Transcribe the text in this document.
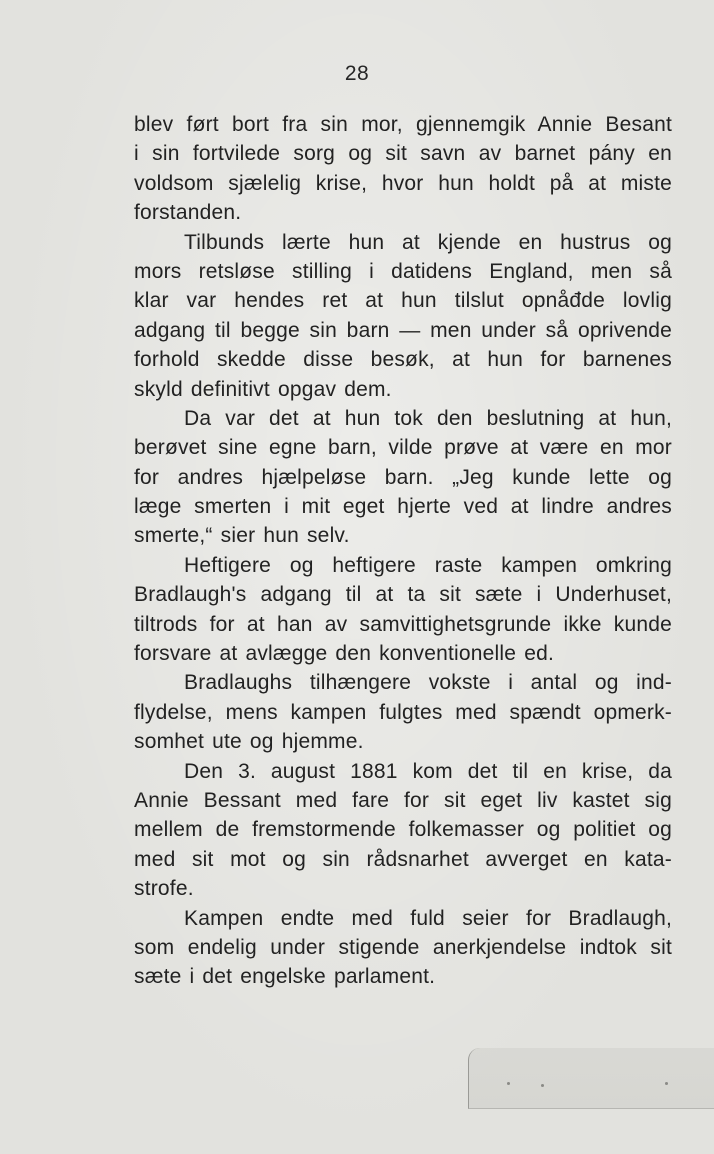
28
blev ført bort fra sin mor, gjennemgik Annie Besant
i sin fortvilede sorg og sit savn av barnet pány en
voldsom sjælelig krise, hvor hun holdt på at miste
forstanden.
Tilbunds lærte hun at kjende en hustrus og
mors retsløse stilling i datidens England, men så
klar var hendes ret at hun tilslut opnåđde lovlig
adgang til begge sin barn — men under så oprivende
forhold skedde disse besøk, at hun for barnenes
skyld definitivt opgav dem.
Da var det at hun tok den beslutning at hun,
berøvet sine egne barn, vilde prøve at være en mor
for andres hjælpeløse barn. „Jeg kunde lette og
læge smerten i mit eget hjerte ved at lindre andres
smerte,“ sier hun selv.
Heftigere og heftigere raste kampen omkring
Bradlaugh's adgang til at ta sit sæte i Underhuset,
tiltrods for at han av samvittighetsgrunde ikke kunde
forsvare at avlægge den konventionelle ed.
Bradlaughs tilhængere vokste i antal og ind-
flydelse, mens kampen fulgtes med spændt opmerk-
somhet ute og hjemme.
Den 3. august 1881 kom det til en krise, da
Annie Bessant med fare for sit eget liv kastet sig
mellem de fremstormende folkemasser og politiet og
med sit mot og sin rådsnarhet avverget en kata-
strofe.
Kampen endte med fuld seier for Bradlaugh,
som endelig under stigende anerkjendelse indtok sit
sæte i det engelske parlament.
